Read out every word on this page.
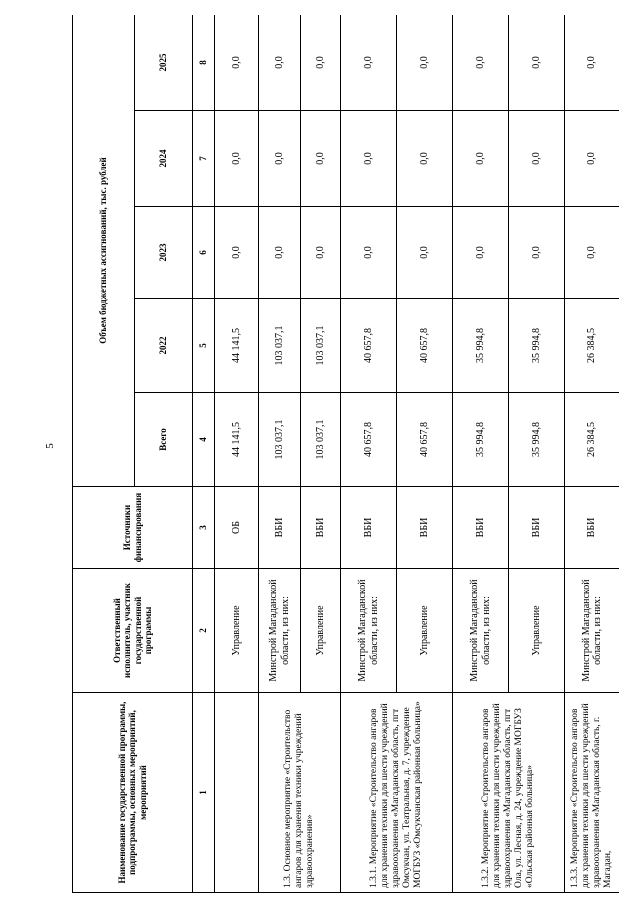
5
Наименование государственной программы, подпрограммы, основных мероприятий, мероприятий	Ответственный исполнитель, участник государственной программы	Источники финансирования	Объем бюджетных ассигнований, тыс. рублей				
			Всего	2022	2023	2024	2025
1	2	3	4	5	6	7	8
	Управление	ОБ	44 141,5	44 141,5	0,0	0,0	0,0
1.3. Основное мероприятие «Строительство ангаров для хранения техники учреждений здравоохранения»	Минстрой Магаданской области, из них:	ВБИ	103 037,1	103 037,1	0,0	0,0	0,0
	Управление	ВБИ	103 037,1	103 037,1	0,0	0,0	0,0
1.3.1. Мероприятие «Строительство ангаров для хранения техники для шести учреждений здравоохранения «Магаданская область, пгт Омсукчан, ул. Театральная, д. 7, учреждение МОГБУЗ «Омсукчанская районная больница»	Минстрой Магаданской области, из них:	ВБИ	40 657,8	40 657,8	0,0	0,0	0,0
	Управление	ВБИ	40 657,8	40 657,8	0,0	0,0	0,0
1.3.2. Мероприятие «Строительство ангаров для хранения техники для шести учреждений здравоохранения «Магаданская область, пгт Ола, ул. Лесная, д. 24, учреждение МОГБУЗ «Ольская районная больница»	Минстрой Магаданской области, из них:	ВБИ	35 994,8	35 994,8	0,0	0,0	0,0
	Управление	ВБИ	35 994,8	35 994,8	0,0	0,0	0,0
1.3.3. Мероприятие «Строительство ангаров для хранения техники для шести учреждений здравоохранения «Магаданская область, г. Магадан,	Минстрой Магаданской области, из них:	ВБИ	26 384,5	26 384,5	0,0	0,0	0,0
